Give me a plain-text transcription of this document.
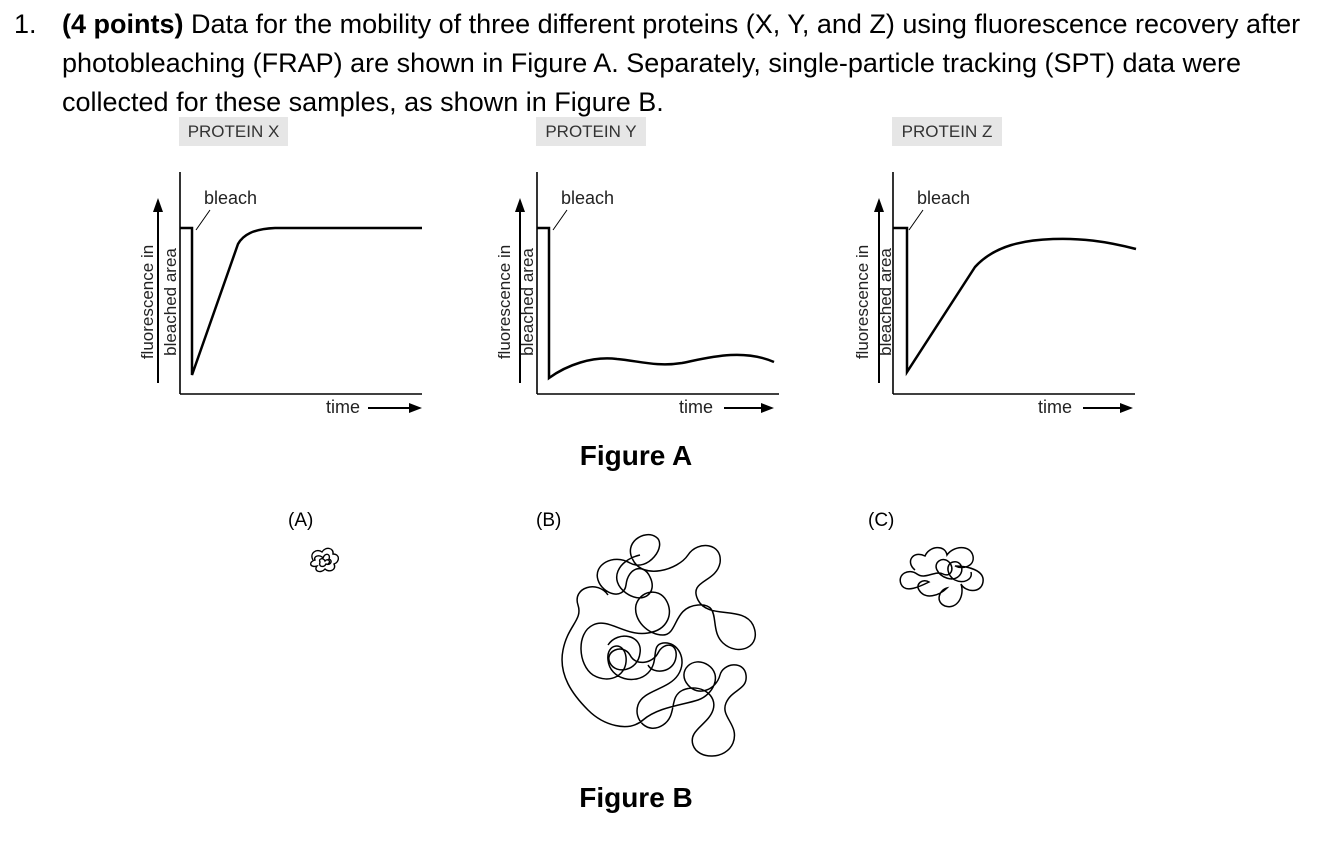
1. (4 points) Data for the mobility of three different proteins (X, Y, and Z) using fluorescence recovery after photobleaching (FRAP) are shown in Figure A. Separately, single-particle tracking (SPT) data were collected for these samples, as shown in Figure B.
PROTEIN X	PROTEIN Y	PROTEIN Z
fluorescence in bleached area
bleach
time
fluorescence in bleached area
bleach
time
fluorescence in bleached area
bleach
time
Figure A
(A)	(B)	(C)
Figure B
